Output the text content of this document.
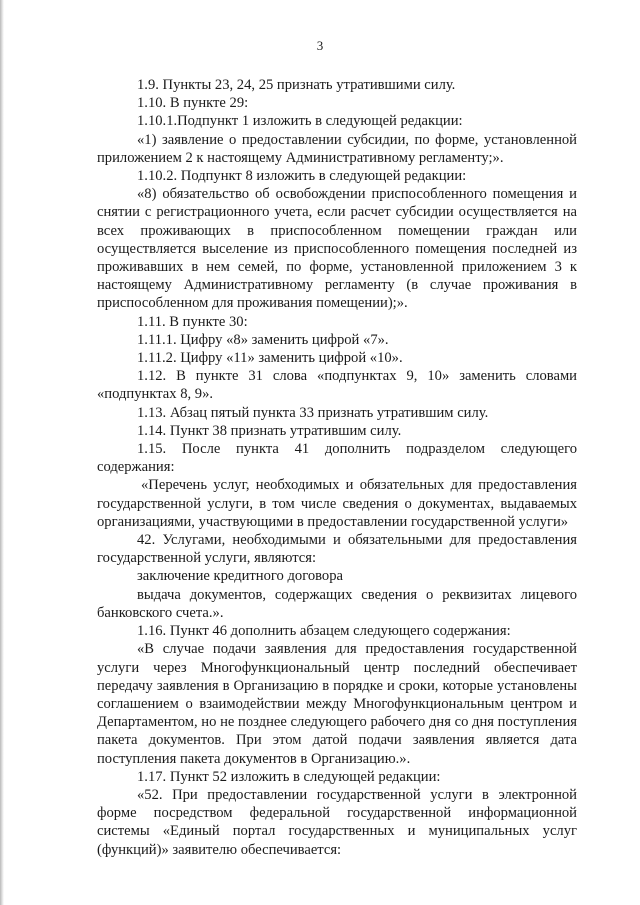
3

1.9. Пункты 23, 24, 25 признать утратившими силу.

1.10. В пункте 29:

1.10.1.Подпункт 1 изложить в следующей редакции:

«1) заявление о предоставлении субсидии, по форме, установленной приложением 2 к настоящему Административному регламенту;».

1.10.2. Подпункт 8 изложить в следующей редакции:

«8) обязательство об освобождении приспособленного помещения и снятии с регистрационного учета, если расчет субсидии осуществляется на всех проживающих в приспособленном помещении граждан или осуществляется выселение из приспособленного помещения последней из проживавших в нем семей, по форме, установленной приложением 3 к настоящему Административному регламенту (в случае проживания в приспособленном для проживания помещении);».

1.11. В пункте 30:

1.11.1. Цифру «8» заменить цифрой «7».

1.11.2. Цифру «11» заменить цифрой «10».

1.12. В пункте 31 слова «подпунктах 9, 10» заменить словами «подпунктах 8, 9».

1.13. Абзац пятый пункта 33 признать утратившим силу.

1.14. Пункт 38 признать утратившим силу.

1.15. После пункта 41 дополнить подразделом следующего содержания:

«Перечень услуг, необходимых и обязательных для предоставления государственной услуги, в том числе сведения о документах, выдаваемых организациями, участвующими в предоставлении государственной услуги»

42. Услугами, необходимыми и обязательными для предоставления государственной услуги, являются:

заключение кредитного договора

выдача документов, содержащих сведения о реквизитах лицевого банковского счета.».

1.16. Пункт 46 дополнить абзацем следующего содержания:

«В случае подачи заявления для предоставления государственной услуги через Многофункциональный центр последний обеспечивает передачу заявления в Организацию в порядке и сроки, которые установлены соглашением о взаимодействии между Многофункциональным центром и Департаментом, но не позднее следующего рабочего дня со дня поступления пакета документов. При этом датой подачи заявления является дата поступления пакета документов в Организацию.».

1.17. Пункт 52 изложить в следующей редакции:

«52. При предоставлении государственной услуги в электронной форме посредством федеральной государственной информационной системы «Единый портал государственных и муниципальных услуг (функций)» заявителю обеспечивается:
